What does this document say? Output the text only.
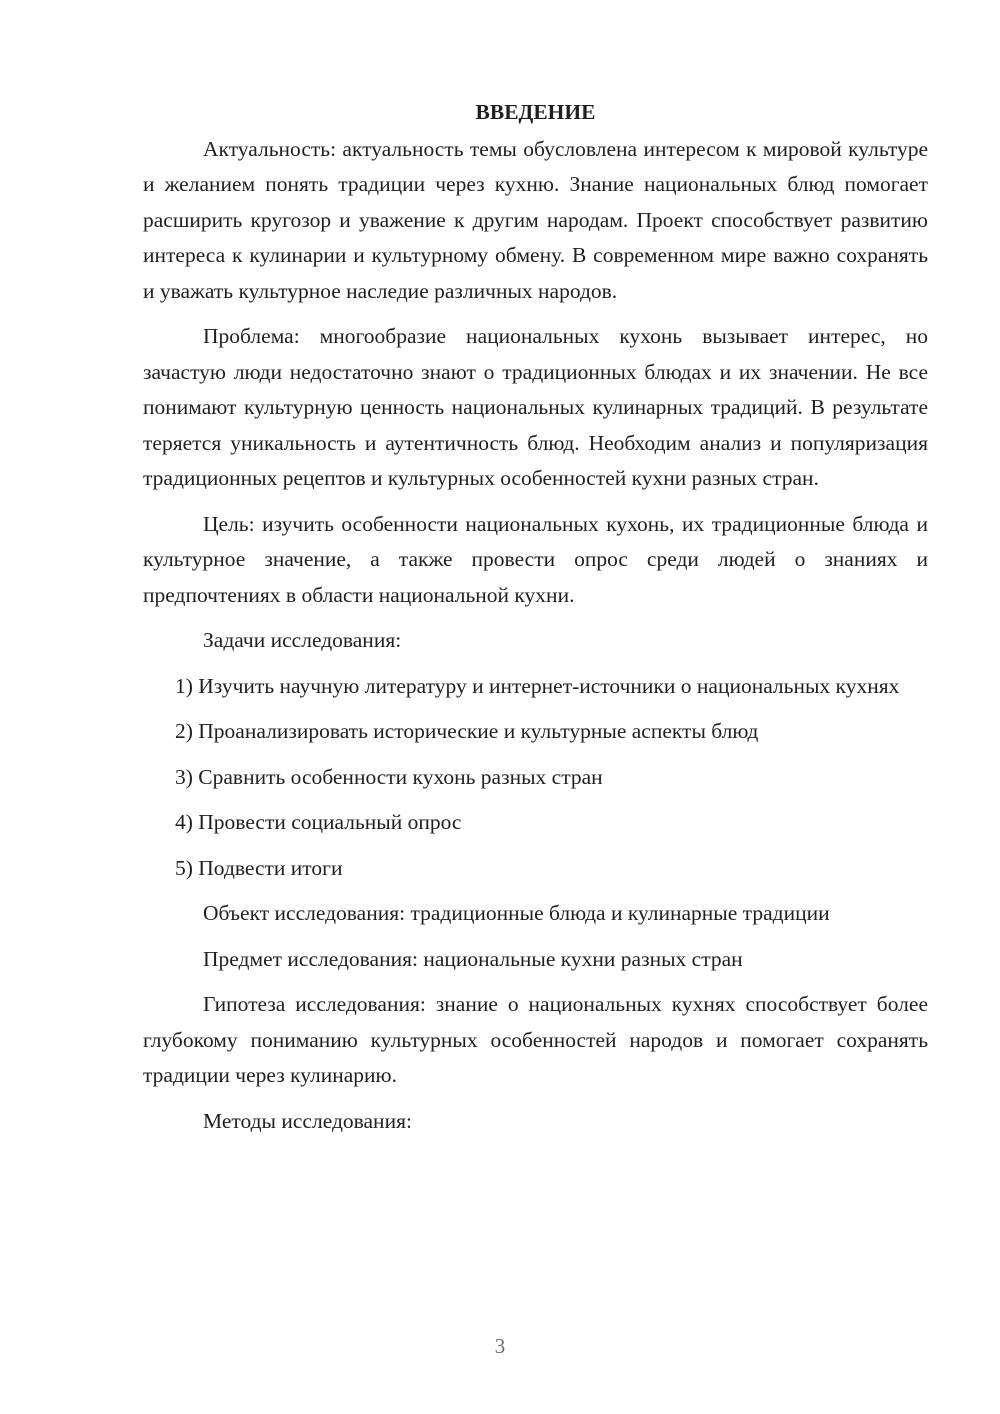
ВВЕДЕНИЕ

Актуальность: актуальность темы обусловлена интересом к мировой культуре и желанием понять традиции через кухню. Знание национальных блюд помогает расширить кругозор и уважение к другим народам. Проект способствует развитию интереса к кулинарии и культурному обмену. В современном мире важно сохранять и уважать культурное наследие различных народов.

Проблема: многообразие национальных кухонь вызывает интерес, но зачастую люди недостаточно знают о традиционных блюдах и их значении. Не все понимают культурную ценность национальных кулинарных традиций. В результате теряется уникальность и аутентичность блюд. Необходим анализ и популяризация традиционных рецептов и культурных особенностей кухни разных стран.

Цель: изучить особенности национальных кухонь, их традиционные блюда и культурное значение, а также провести опрос среди людей о знаниях и предпочтениях в области национальной кухни.

Задачи исследования:

1) Изучить научную литературу и интернет-источники о национальных кухнях

2) Проанализировать исторические и культурные аспекты блюд

3) Сравнить особенности кухонь разных стран

4) Провести социальный опрос

5) Подвести итоги

Объект исследования: традиционные блюда и кулинарные традиции

Предмет исследования: национальные кухни разных стран

Гипотеза исследования: знание о национальных кухнях способствует более глубокому пониманию культурных особенностей народов и помогает сохранять традиции через кулинарию.

Методы исследования:

3
